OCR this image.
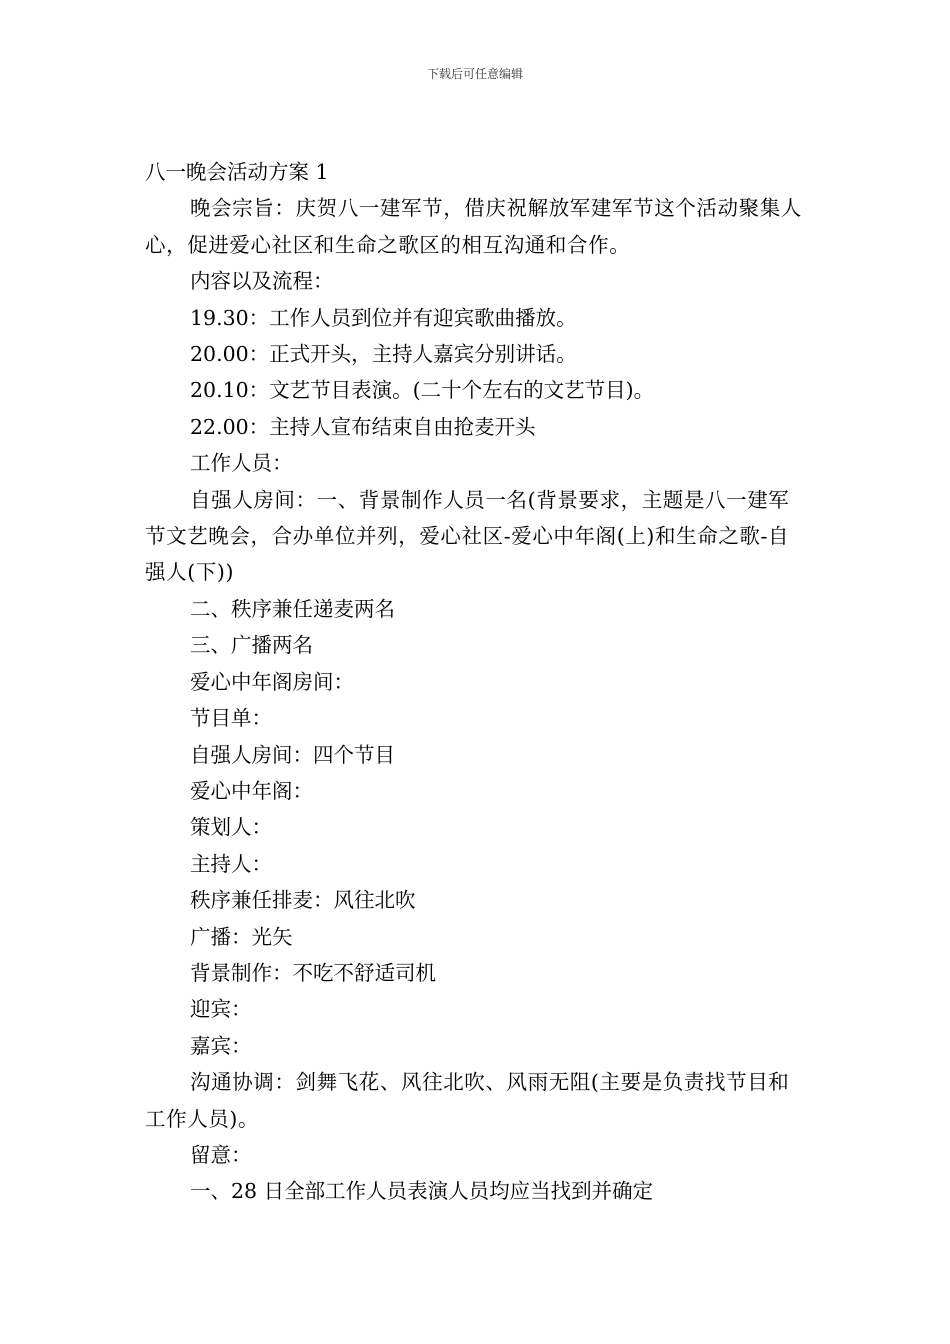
下载后可任意编辑

八一晚会活动方案 1

晚会宗旨：庆贺八一建军节，借庆祝解放军建军节这个活动聚集人心，促进爱心社区和生命之歌区的相互沟通和合作。

内容以及流程：

19.30：工作人员到位并有迎宾歌曲播放。

20.00：正式开头，主持人嘉宾分别讲话。

20.10：文艺节目表演。(二十个左右的文艺节目)。

22.00：主持人宣布结束自由抢麦开头

工作人员：

自强人房间：一、背景制作人员一名(背景要求，主题是八一建军节文艺晚会，合办单位并列，爱心社区-爱心中年阁(上)和生命之歌-自强人(下))

二、秩序兼任递麦两名

三、广播两名

爱心中年阁房间：

节目单：

自强人房间：四个节目

爱心中年阁：

策划人：

主持人：

秩序兼任排麦：风往北吹

广播：光矢

背景制作：不吃不舒适司机

迎宾：

嘉宾：

沟通协调：剑舞飞花、风往北吹、风雨无阻(主要是负责找节目和工作人员)。

留意：

一、28 日全部工作人员表演人员均应当找到并确定
